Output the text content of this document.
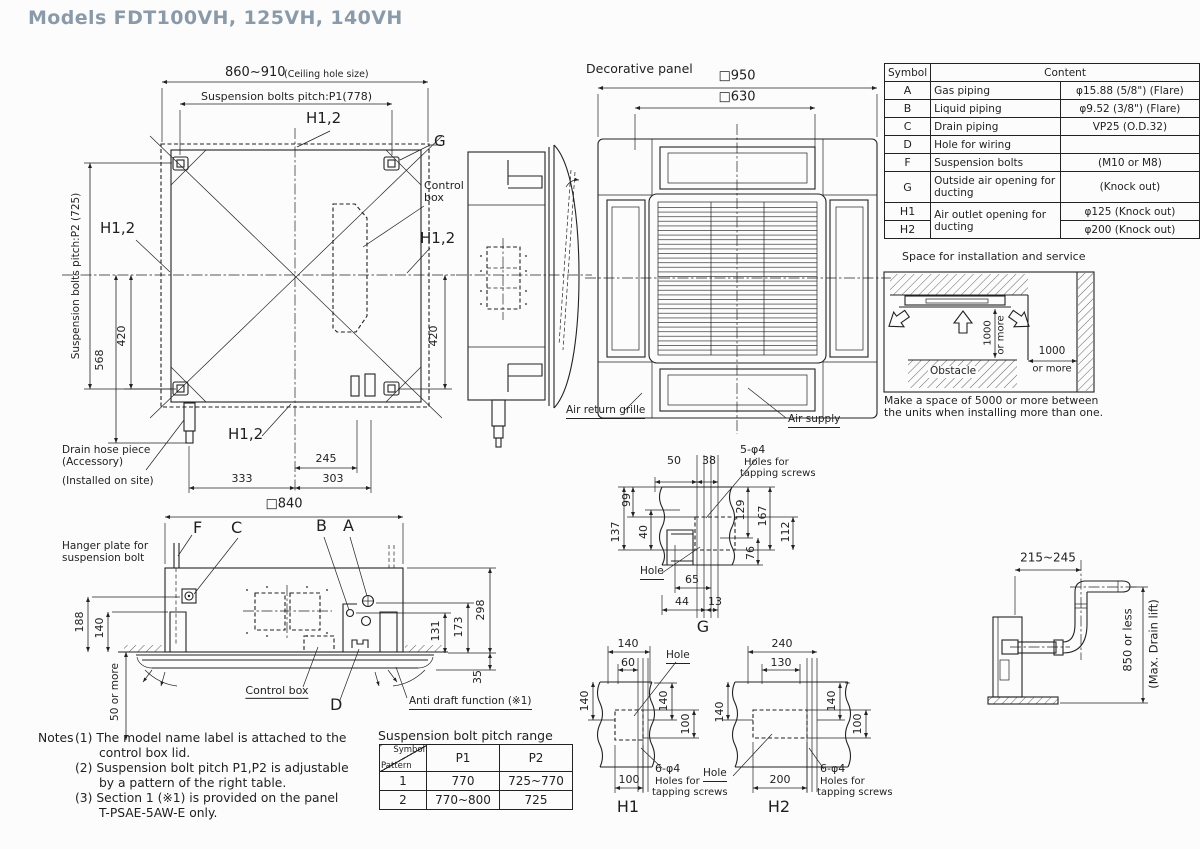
Models FDT100VH, 125VH, 140VH
860~910
(Ceiling hole size)
Suspension bolts pitch:P1(778)
H1,2
G
Control
box
H1,2
H1,2
Suspension bolts pitch:P2 (725)
568
420	420
H1,2
Drain hose piece
(Accessory)
(Installed on site)
245
333	303
Decorative panel
□950
□630
Air return grille
Air supply
Space for installation and service
1000 or more
Obstacle
1000
or more
Make a space of 5000 or more between
the units when installing more than one.
□840
F C	B A
Hanger plate for
suspension bolt
188 140
50 or more
298
173
131
35
Control box
D	Anti draft function (※1)
Notes (1) The model name label is attached to the
control box lid.
(2) Suspension bolt pitch P1,P2 is adjustable
by a pattern of the right table.
(3) Section 1 (※1) is provided on the panel
T-PSAE-5AW-E only.
Suspension bolt pitch range
50 38
5-φ4
Holes for
tapping screws
99
137 40
129 167
112
76
Hole
65
44 13
G
140
60
Hole
140
100
140
100
6-φ4
Holes for
tapping screws
H1
240
130
140
100
140
Hole	200
6-φ4
Holes for
tapping screws
H2
215~245
850 or less (Max. Drain lift)
Symbol	Content	
A	Gas piping	φ15.88 (5/8") (Flare)
B	Liquid piping	φ9.52 (3/8") (Flare)
C	Drain piping	VP25 (O.D.32)
D	Hole for wiring	
F	Suspension bolts	(M10 or M8)
G	Outside air opening for ducting	(Knock out)
H1	Air outlet opening for ducting	φ125 (Knock out)
H2		φ200 (Knock out)
Symbol
Pattern	P1	P2
1	770	725~770
2	770~800	725
